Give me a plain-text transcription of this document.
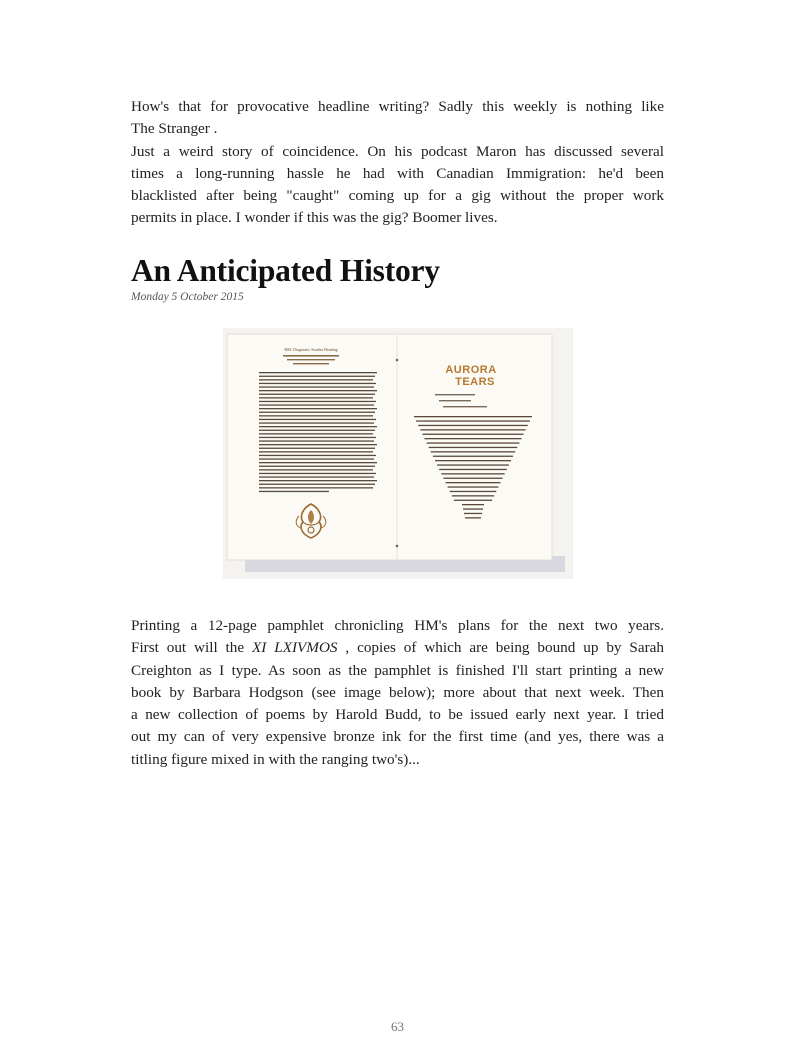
How's that for provocative headline writing? Sadly this weekly is nothing like
The Stranger .
Just a weird story of coincidence. On his podcast Maron has discussed several
times a long-running hassle he had with Canadian Immigration: he'd been
blacklisted after being "caught" coming up for a gig without the proper work
permits in place. I wonder if this was the gig? Boomer lives.

An Anticipated History
Monday 5 October 2015
HM: Diagnostic Studies Heading
AURORA
TEARS

Printing a 12-page pamphlet chronicling HM's plans for the next two years.
First out will the XI LXIVMOS , copies of which are being bound up by Sarah
Creighton as I type. As soon as the pamphlet is finished I'll start printing a new
book by Barbara Hodgson (see image below); more about that next week. Then
a new collection of poems by Harold Budd, to be issued early next year. I tried
out my can of very expensive bronze ink for the first time (and yes, there was a
titling figure mixed in with the ranging two's)...

63
